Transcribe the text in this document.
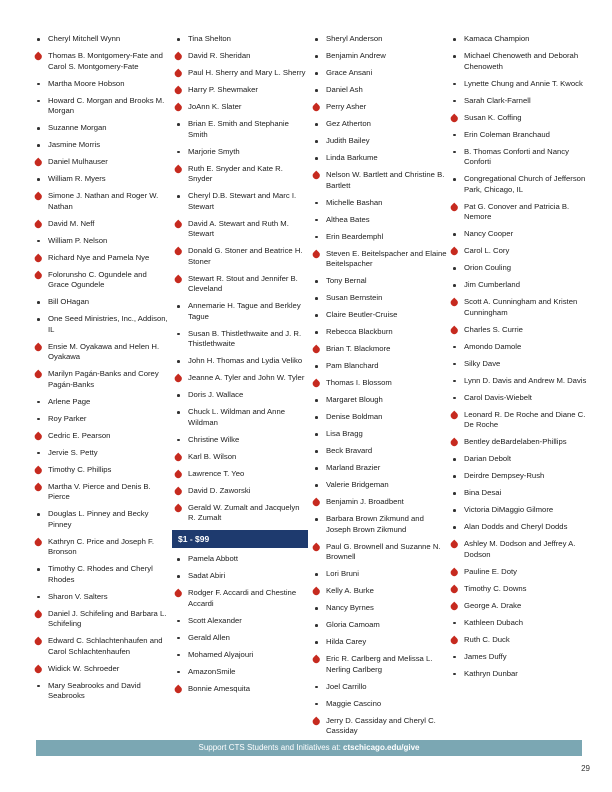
Cheryl Mitchell Wynn
Thomas B. Montgomery-Fate and Carol S. Montgomery-Fate
Martha Moore Hobson
Howard C. Morgan and Brooks M. Morgan
Suzanne Morgan
Jasmine Morris
Daniel Mulhauser
William R. Myers
Simone J. Nathan and Roger W. Nathan
David M. Neff
William P. Nelson
Richard Nye and Pamela Nye
Folorunsho C. Ogundele and Grace Ogundele
Bill OHagan
One Seed Ministries, Inc., Addison, IL
Ensie M. Oyakawa and Helen H. Oyakawa
Marilyn Pagán-Banks and Corey Pagán-Banks
Arlene Page
Roy Parker
Cedric E. Pearson
Jervie S. Petty
Timothy C. Phillips
Martha V. Pierce and Denis B. Pierce
Douglas L. Pinney and Becky Pinney
Kathryn C. Price and Joseph F. Bronson
Timothy C. Rhodes and Cheryl Rhodes
Sharon V. Salters
Daniel J. Schifeling and Barbara L. Schifeling
Edward C. Schlachtenhaufen and Carol Schlachtenhaufen
Widick W. Schroeder
Mary Seabrooks and David Seabrooks
Tina Shelton
David R. Sheridan
Paul H. Sherry and Mary L. Sherry
Harry P. Shewmaker
JoAnn K. Slater
Brian E. Smith and Stephanie Smith
Marjorie Smyth
Ruth E. Snyder and Kate R. Snyder
Cheryl D.B. Stewart and Marc I. Stewart
David A. Stewart and Ruth M. Stewart
Donald G. Stoner and Beatrice H. Stoner
Stewart R. Stout and Jennifer B. Cleveland
Annemarie H. Tague and Berkley Tague
Susan B. Thistlethwaite and J. R. Thistlethwaite
John H. Thomas and Lydia Veliko
Jeanne A. Tyler and John W. Tyler
Doris J. Wallace
Chuck L. Wildman and Anne Wildman
Christine Wilke
Karl B. Wilson
Lawrence T. Yeo
David D. Zaworski
Gerald W. Zumalt and Jacquelyn R. Zumalt
$1 - $99
Pamela Abbott
Sadat Abiri
Rodger F. Accardi and Chestine Accardi
Scott Alexander
Gerald Allen
Mohamed Alyajouri
AmazonSmile
Bonnie Amesquita
Sheryl Anderson
Benjamin Andrew
Grace Ansani
Daniel Ash
Perry Asher
Gez Atherton
Judith Bailey
Linda Barkume
Nelson W. Bartlett and Christine B. Bartlett
Michelle Bashan
Althea Bates
Erin Beardemphl
Steven E. Beitelspacher and Elaine Beitelspacher
Tony Bernal
Susan Bernstein
Claire Beutler-Cruise
Rebecca Blackburn
Brian T. Blackmore
Pam Blanchard
Thomas I. Blossom
Margaret Blough
Denise Boldman
Lisa Bragg
Beck Bravard
Marland Brazier
Valerie Bridgeman
Benjamin J. Broadbent
Barbara Brown Zikmund and Joseph Brown Zikmund
Paul G. Brownell and Suzanne N. Brownell
Lori Bruni
Kelly A. Burke
Nancy Byrnes
Gloria Camoam
Hilda Carey
Eric R. Carlberg and Melissa L. Nerling Carlberg
Joel Carrillo
Maggie Cascino
Jerry D. Cassiday and Cheryl C. Cassiday
Kamaca Champion
Michael Chenoweth and Deborah Chenoweth
Lynette Chung and Annie T. Kwock
Sarah Clark-Farnell
Susan K. Coffing
Erin Coleman Branchaud
B. Thomas Conforti and Nancy Conforti
Congregational Church of Jefferson Park, Chicago, IL
Pat G. Conover and Patricia B. Nemore
Nancy Cooper
Carol L. Cory
Orion Couling
Jim Cumberland
Scott A. Cunningham and Kristen Cunningham
Charles S. Currie
Amondo Damole
Silky Dave
Lynn D. Davis and Andrew M. Davis
Carol Davis-Wiebelt
Leonard R. De Roche and Diane C. De Roche
Bentley deBardelaben-Phillips
Darian Debolt
Deirdre Dempsey-Rush
Bina Desai
Victoria DiMaggio Gilmore
Alan Dodds and Cheryl Dodds
Ashley M. Dodson and Jeffrey A. Dodson
Pauline E. Doty
Timothy C. Downs
George A. Drake
Kathleen Dubach
Ruth C. Duck
James Duffy
Kathryn Dunbar
Support CTS Students and Initiatives at: ctschicago.edu/give
29
